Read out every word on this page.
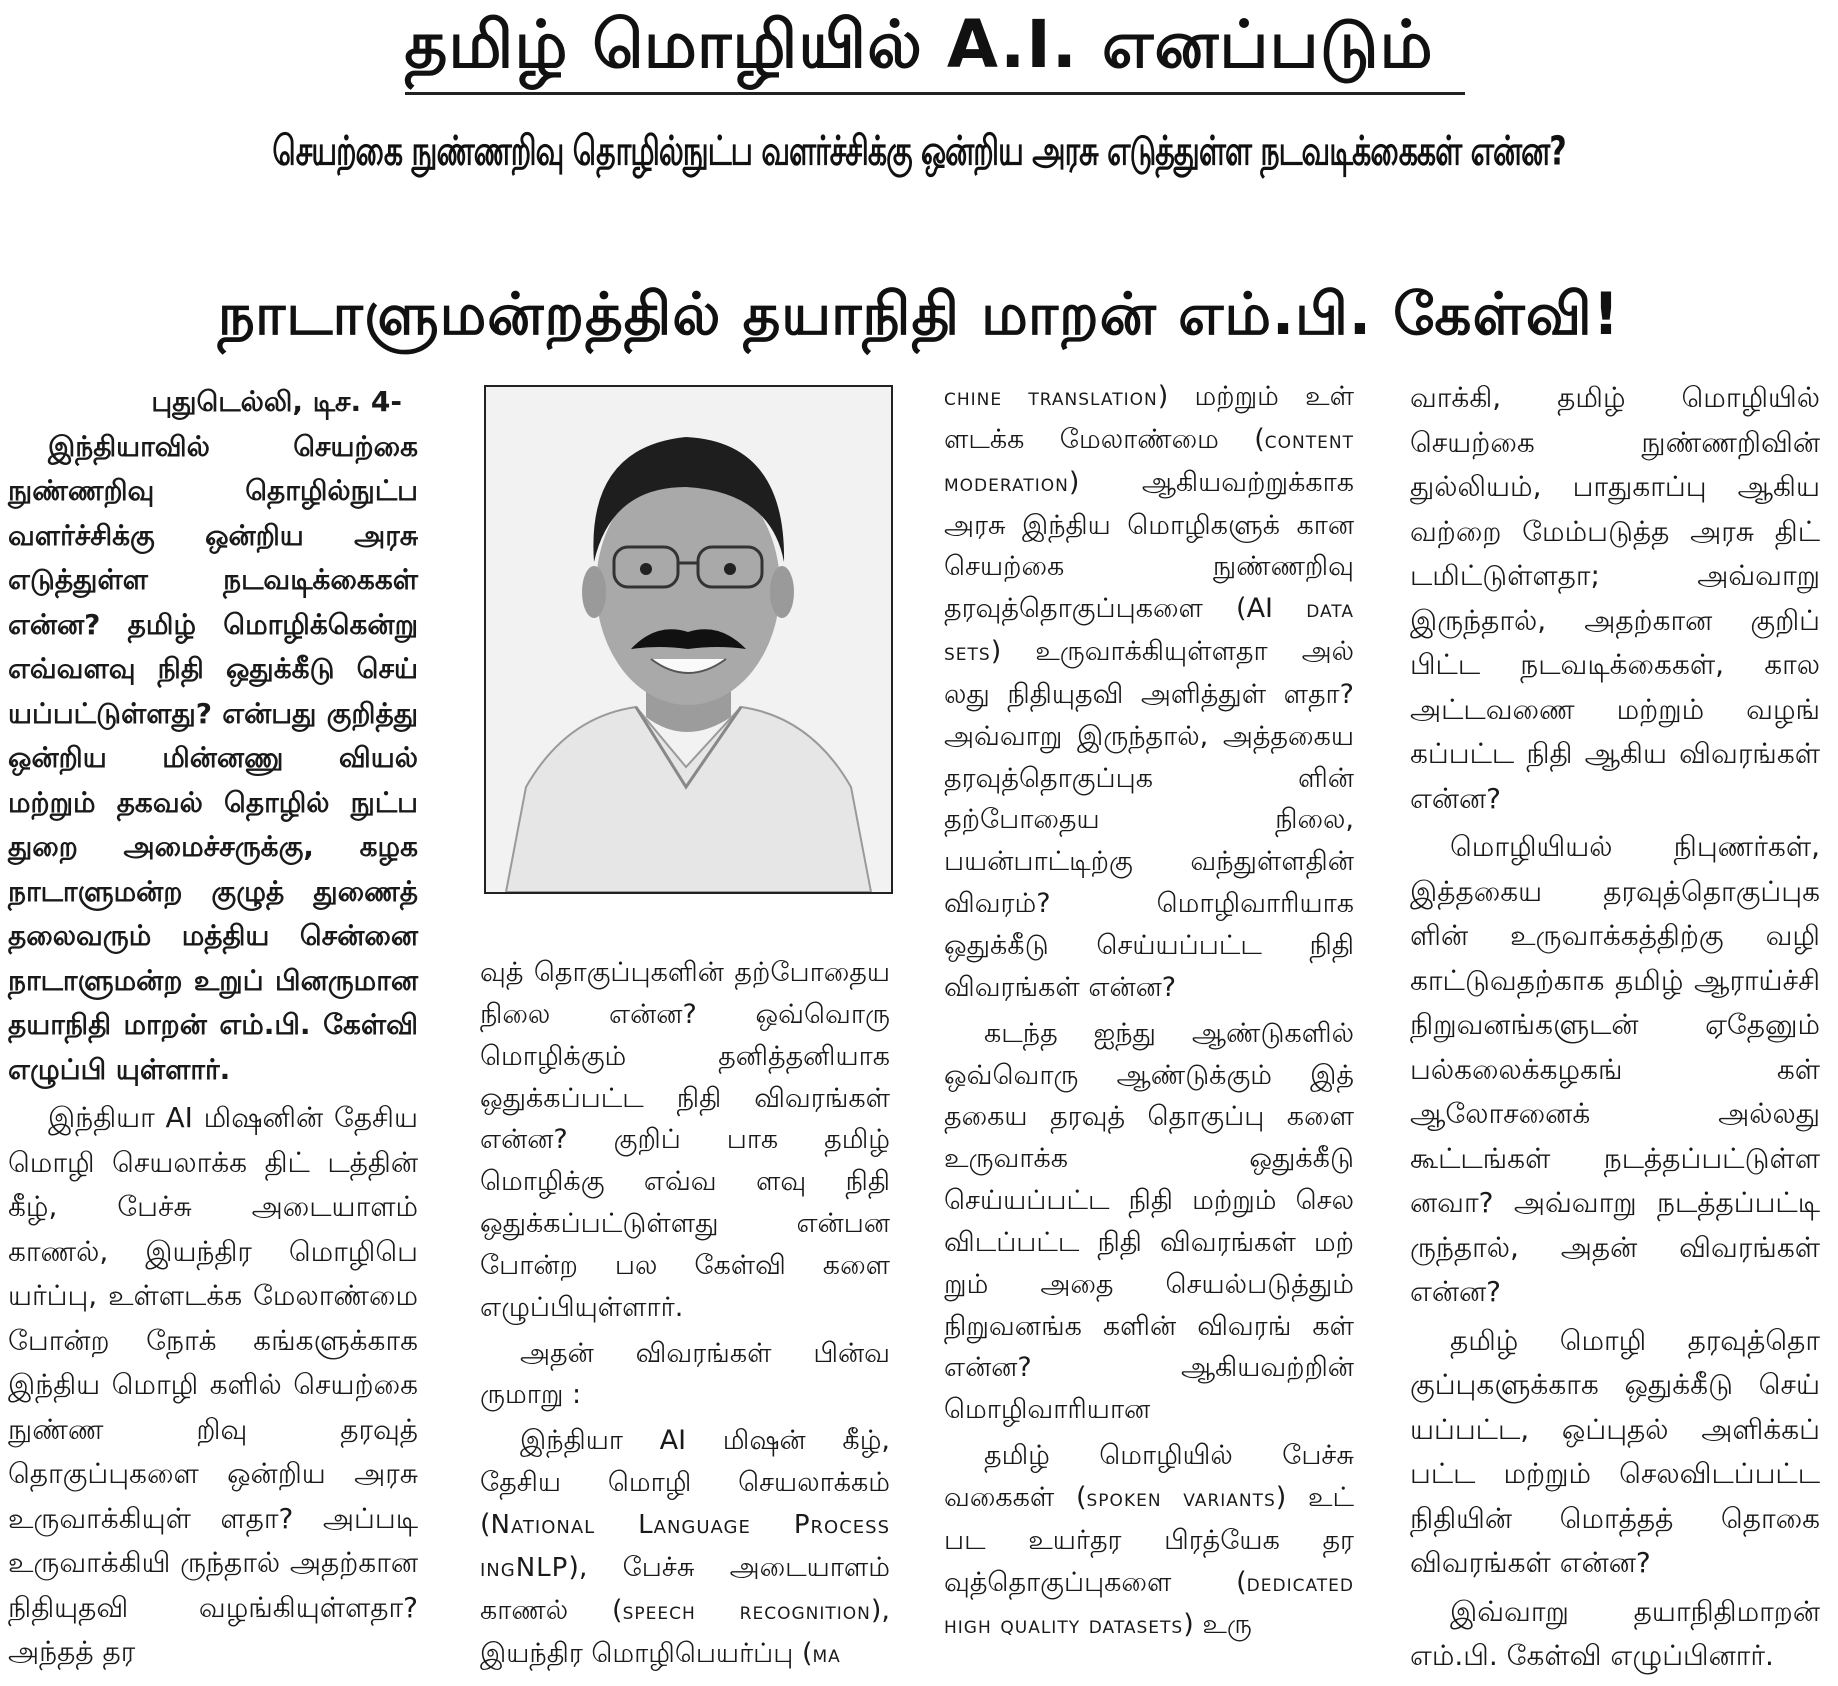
தமிழ் மொழியில் A.I. எனப்படும்
செயற்கை நுண்ணறிவு தொழில்நுட்ப வளர்ச்சிக்கு ஒன்றிய அரசு எடுத்துள்ள நடவடிக்கைகள் என்ன?
நாடாளுமன்றத்தில் தயாநிதி மாறன் எம்.பி. கேள்வி!

புதுடெல்லி, டிச. 4-

இந்தியாவில் செயற்கை நுண்ணறிவு தொழில்நுட்ப வளர்ச்சிக்கு ஒன்றிய அரசு எடுத்துள்ள நடவடிக்கைகள் என்ன? தமிழ் மொழிக்கென்று எவ்வளவு நிதி ஒதுக்கீடு செய் யப்பட்டுள்ளது? என்பது குறித்து ஒன்றிய மின்னணு வியல் மற்றும் தகவல் தொழில் நுட்ப துறை அமைச்சருக்கு, கழக நாடாளுமன்ற குழுத் துணைத் தலைவரும் மத்திய சென்னை நாடாளுமன்ற உறுப் பினருமான தயாநிதி மாறன் எம்.பி. கேள்வி எழுப்பி யுள்ளார்.

இந்தியா AI மிஷனின் தேசிய மொழி செயலாக்க திட் டத்தின் கீழ், பேச்சு அடையாளம் காணல், இயந்திர மொழிபெ யர்ப்பு, உள்ளடக்க மேலாண்மை போன்ற நோக் கங்களுக்காக இந்திய மொழி களில் செயற்கை நுண்ண றிவு தரவுத் தொகுப்புகளை ஒன்றிய அரசு உருவாக்கியுள் ளதா? அப்படி உருவாக்கியி ருந்தால் அதற்கான நிதியுதவி வழங்கியுள்ளதா? அந்தத் தர

வுத் தொகுப்புகளின் தற்போதைய நிலை என்ன? ஒவ்வொரு மொழிக்கும் தனித்தனியாக ஒதுக்கப்பட்ட நிதி விவரங்கள் என்ன? குறிப் பாக தமிழ் மொழிக்கு எவ்வ ளவு நிதி ஒதுக்கப்பட்டுள்ளது என்பன போன்ற பல கேள்வி களை எழுப்பியுள்ளார்.

அதன் விவரங்கள் பின்வ ருமாறு :

இந்தியா AI மிஷன் கீழ், தேசிய மொழி செயலாக்கம் (National Language Process ingNLP), பேச்சு அடையாளம் காணல் (speech recognition), இயந்திர மொழிபெயர்ப்பு (ma

chine translation) மற்றும் உள் ளடக்க மேலாண்மை (content moderation) ஆகியவற்றுக்காக அரசு இந்திய மொழிகளுக் கான செயற்கை நுண்ணறிவு தரவுத்தொகுப்புகளை (AI data sets) உருவாக்கியுள்ளதா அல் லது நிதியுதவி அளித்துள் ளதா? அவ்வாறு இருந்தால், அத்தகைய தரவுத்தொகுப்புக ளின் தற்போதைய நிலை, பயன்பாட்டிற்கு வந்துள்ளதின் விவரம்? மொழிவாரியாக ஒதுக்கீடு செய்யப்பட்ட நிதி விவரங்கள் என்ன?

கடந்த ஐந்து ஆண்டுகளில் ஒவ்வொரு ஆண்டுக்கும் இத் தகைய தரவுத் தொகுப்பு களை உருவாக்க ஒதுக்கீடு செய்யப்பட்ட நிதி மற்றும் செல விடப்பட்ட நிதி விவரங்கள் மற் றும் அதை செயல்படுத்தும் நிறுவனங்க களின் விவரங் கள் என்ன? ஆகியவற்றின் மொழிவாரியான

தமிழ் மொழியில் பேச்சு வகைகள் (spoken variants) உட் பட உயர்தர பிரத்யேக தர வுத்தொகுப்புகளை (dedicated high quality datasets) உரு

வாக்கி, தமிழ் மொழியில் செயற்கை நுண்ணறிவின் துல்லியம், பாதுகாப்பு ஆகிய வற்றை மேம்படுத்த அரசு திட் டமிட்டுள்ளதா; அவ்வாறு இருந்தால், அதற்கான குறிப் பிட்ட நடவடிக்கைகள், கால அட்டவணை மற்றும் வழங் கப்பட்ட நிதி ஆகிய விவரங்கள் என்ன?

மொழியியல் நிபுணர்கள், இத்தகைய தரவுத்தொகுப்புக ளின் உருவாக்கத்திற்கு வழி காட்டுவதற்காக தமிழ் ஆராய்ச்சி நிறுவனங்களுடன் ஏதேனும் பல்கலைக்கழகங் கள் ஆலோசனைக் அல்லது கூட்டங்கள் நடத்தப்பட்டுள்ள னவா? அவ்வாறு நடத்தப்பட்டி ருந்தால், அதன் விவரங்கள் என்ன?

தமிழ் மொழி தரவுத்தொ குப்புகளுக்காக ஒதுக்கீடு செய் யப்பட்ட, ஒப்புதல் அளிக்கப் பட்ட மற்றும் செலவிடப்பட்ட நிதியின் மொத்தத் தொகை விவரங்கள் என்ன?

இவ்வாறு தயாநிதிமாறன் எம்.பி. கேள்வி எழுப்பினார்.
